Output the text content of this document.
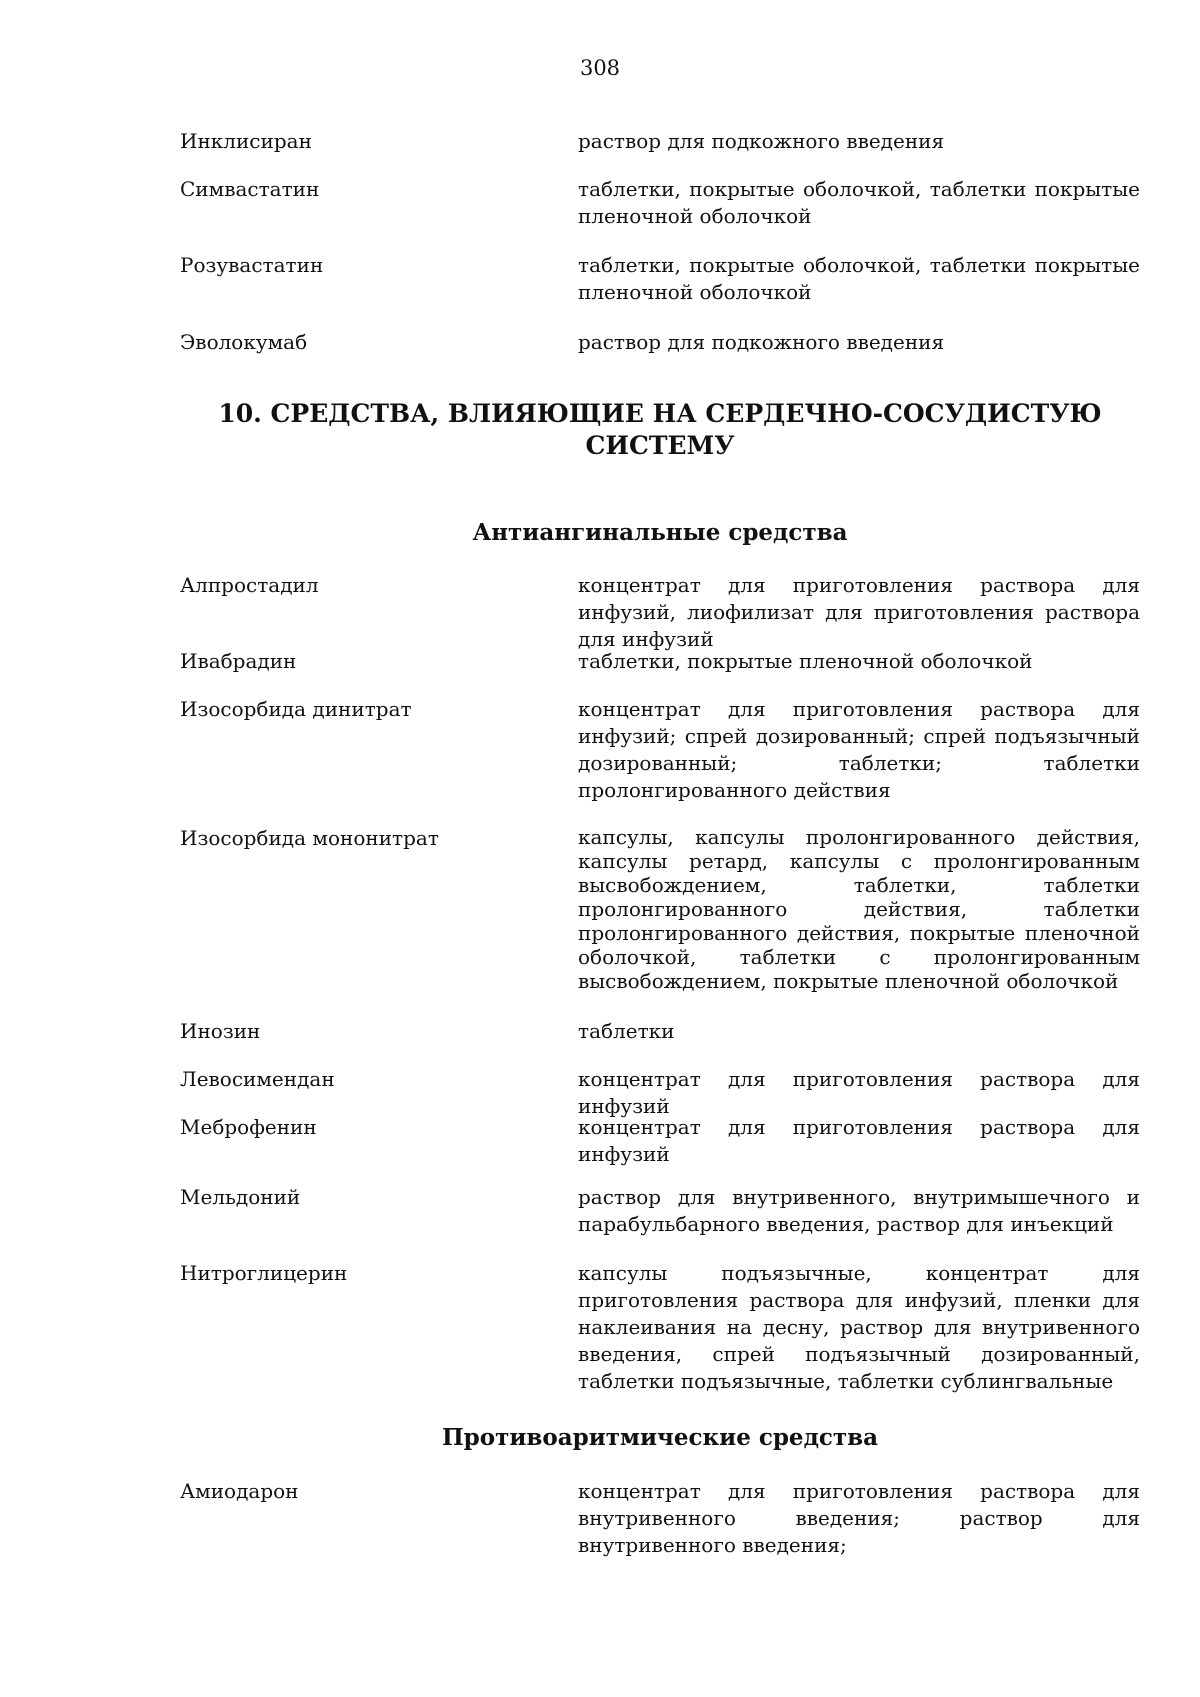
308
Инклисиран	раствор для подкожного введения
Симвастатин	таблетки, покрытые оболочкой, таблетки покрытые пленочной оболочкой
Розувастатин	таблетки, покрытые оболочкой, таблетки покрытые пленочной оболочкой
Эволокумаб	раствор для подкожного введения
10. СРЕДСТВА, ВЛИЯЮЩИЕ НА СЕРДЕЧНО-СОСУДИСТУЮ СИСТЕМУ
Антиангинальные средства
Алпростадил	концентрат для приготовления раствора для инфузий, лиофилизат для приготовления раствора для инфузий
Ивабрадин	таблетки, покрытые пленочной оболочкой
Изосорбида динитрат	концентрат для приготовления раствора для инфузий; спрей дозированный; спрей подъязычный дозированный; таблетки; таблетки пролонгированного действия
Изосорбида мононитрат	капсулы, капсулы пролонгированного действия, капсулы ретард, капсулы с пролонгированным высвобождением, таблетки, таблетки пролонгированного действия, таблетки пролонгированного действия, покрытые пленочной оболочкой, таблетки с пролонгированным высвобождением, покрытые пленочной оболочкой
Инозин	таблетки
Левосимендан	концентрат для приготовления раствора для инфузий
Меброфенин	концентрат для приготовления раствора для инфузий
Мельдоний	раствор для внутривенного, внутримышечного и парабульбарного введения, раствор для инъекций
Нитроглицерин	капсулы подъязычные, концентрат для приготовления раствора для инфузий, пленки для наклеивания на десну, раствор для внутривенного введения, спрей подъязычный дозированный, таблетки подъязычные, таблетки сублингвальные
Противоаритмические средства
Амиодарон	концентрат для приготовления раствора для внутривенного введения; раствор для внутривенного введения;
